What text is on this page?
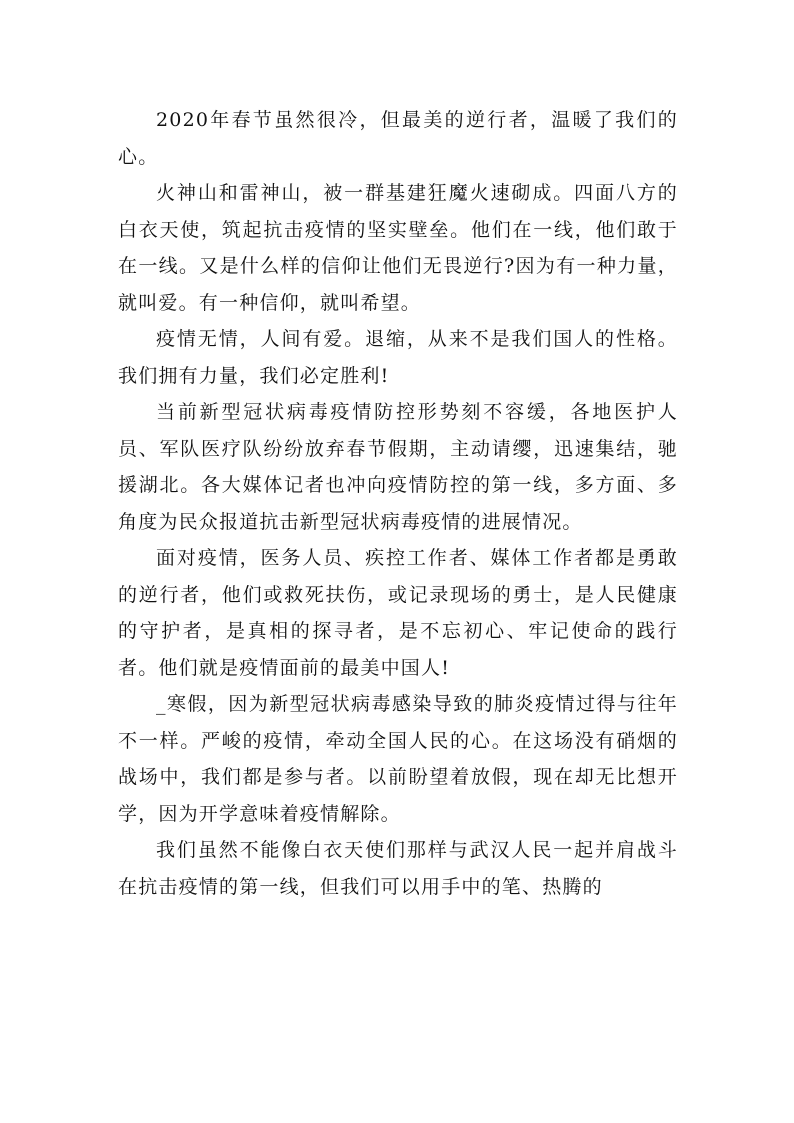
2020年春节虽然很冷，但最美的逆行者，温暖了我们的心。

火神山和雷神山，被一群基建狂魔火速砌成。四面八方的白衣天使，筑起抗击疫情的坚实壁垒。他们在一线，他们敢于在一线。又是什么样的信仰让他们无畏逆行?因为有一种力量，就叫爱。有一种信仰，就叫希望。

疫情无情，人间有爱。退缩，从来不是我们国人的性格。我们拥有力量，我们必定胜利!

当前新型冠状病毒疫情防控形势刻不容缓，各地医护人员、军队医疗队纷纷放弃春节假期，主动请缨，迅速集结，驰援湖北。各大媒体记者也冲向疫情防控的第一线，多方面、多角度为民众报道抗击新型冠状病毒疫情的进展情况。

面对疫情，医务人员、疾控工作者、媒体工作者都是勇敢的逆行者，他们或救死扶伤，或记录现场的勇士，是人民健康的守护者，是真相的探寻者，是不忘初心、牢记使命的践行者。他们就是疫情面前的最美中国人!

_寒假，因为新型冠状病毒感染导致的肺炎疫情过得与往年不一样。严峻的疫情，牵动全国人民的心。在这场没有硝烟的战场中，我们都是参与者。以前盼望着放假，现在却无比想开学，因为开学意味着疫情解除。

我们虽然不能像白衣天使们那样与武汉人民一起并肩战斗在抗击疫情的第一线，但我们可以用手中的笔、热腾的
